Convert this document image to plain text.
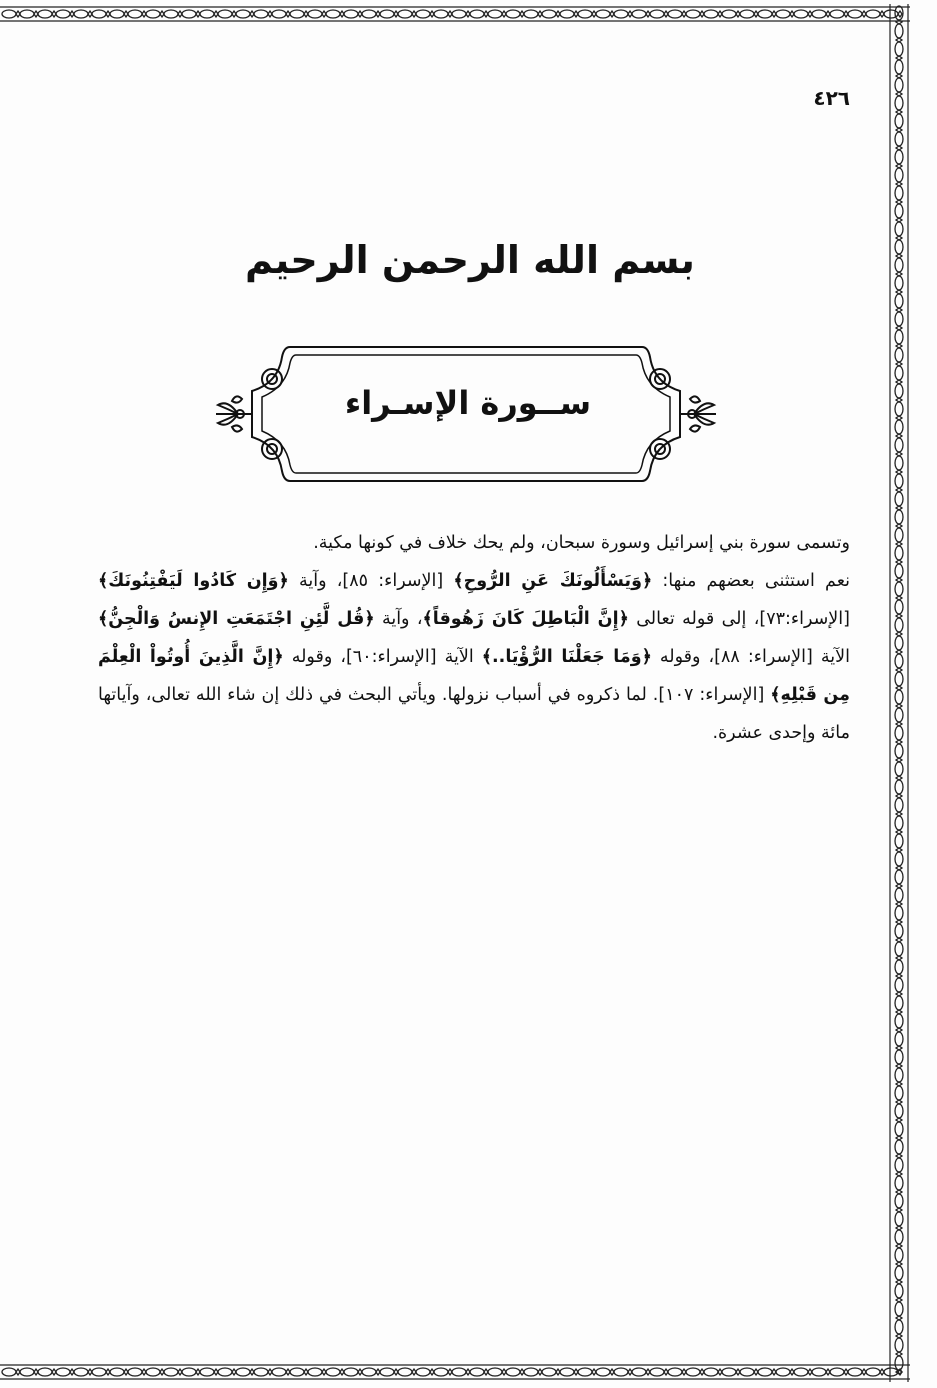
٤٢٦
بسم الله الرحمن الرحيم
ســورة الإسـراء

وتسمى سورة بني إسرائيل وسورة سبحان، ولم يحك خلاف في كونها مكية.

نعم استثنى بعضهم منها: ﴿وَيَسْأَلُونَكَ عَنِ الرُّوحِ﴾ [الإسراء: ٨٥]، وآية ﴿وَإِن كَادُوا لَيَفْتِنُونَكَ﴾ [الإسراء:٧٣]، إلى قوله تعالى ﴿إِنَّ الْبَاطِلَ كَانَ زَهُوقاً﴾، وآية ﴿قُل لَّئِنِ اجْتَمَعَتِ الإِنسُ وَالْجِنُّ﴾ الآية [الإسراء: ٨٨]، وقوله ﴿وَمَا جَعَلْنَا الرُّؤْيَا..﴾ الآية [الإسراء:٦٠]، وقوله ﴿إِنَّ الَّذِينَ أُوتُواْ الْعِلْمَ مِن قَبْلِهِ﴾ [الإسراء: ١٠٧]. لما ذكروه في أسباب نزولها. ويأتي البحث في ذلك إن شاء الله تعالى، وآياتها مائة وإحدى عشرة.
